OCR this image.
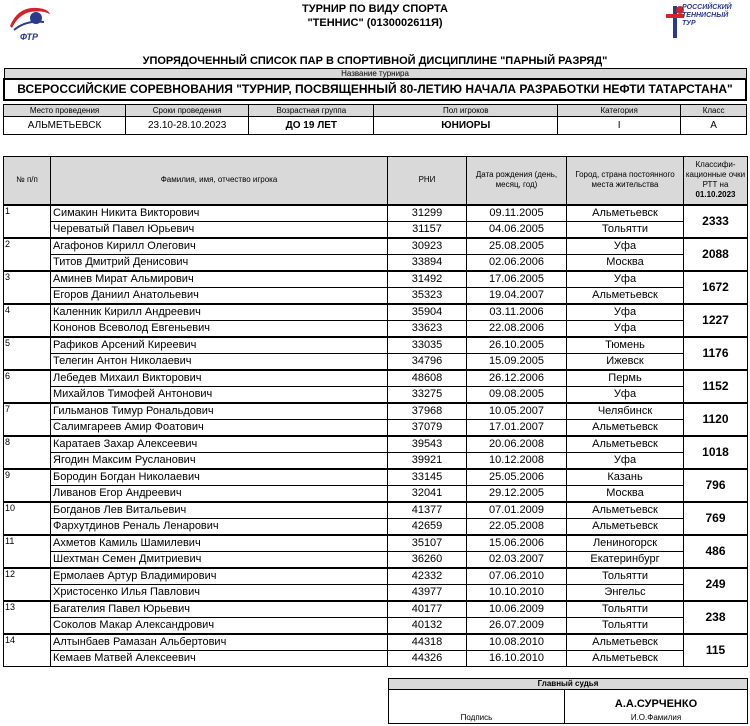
ФТР
РОССИЙСКИЙ ТЕННИСНЫЙ ТУР
ТУРНИР ПО ВИДУ СПОРТА
"ТЕННИС" (0130002611Я)
УПОРЯДОЧЕННЫЙ СПИСОК ПАР В СПОРТИВНОЙ ДИСЦИПЛИНЕ "ПАРНЫЙ РАЗРЯД"
Название турнира
ВСЕРОССИЙСКИЕ СОРЕВНОВАНИЯ "ТУРНИР, ПОСВЯЩЕННЫЙ 80-ЛЕТИЮ НАЧАЛА РАЗРАБОТКИ НЕФТИ ТАТАРСТАНА"
Место проведения	Сроки проведения	Возрастная группа	Пол игроков	Категория	Класс
АЛЬМЕТЬЕВСК	23.10-28.10.2023	ДО 19 ЛЕТ	ЮНИОРЫ	I	A
№ п/п	Фамилия, имя, отчество игрока	РНИ	Дата рождения (день, месяц, год)	Город, страна постоянного места жительства	Классифи-кационные очки РТТ на
01.10.2023

1	Симакин Никита Викторович	31299	09.11.2005	Альметьевск	2333
	Череватый Павел Юрьевич	31157	04.06.2005	Тольятти	
2	Агафонов Кирилл Олегович	30923	25.08.2005	Уфа	2088
	Титов Дмитрий Денисович	33894	02.06.2006	Москва	
3	Аминев Мират Альмирович	31492	17.06.2005	Уфа	1672
	Егоров Даниил Анатольевич	35323	19.04.2007	Альметьевск	
4	Каленник Кирилл Андреевич	35904	03.11.2006	Уфа	1227
	Кононов Всеволод Евгеньевич	33623	22.08.2006	Уфа	
5	Рафиков Арсений Киреевич	33035	26.10.2005	Тюмень	1176
	Телегин Антон Николаевич	34796	15.09.2005	Ижевск	
6	Лебедев Михаил Викторович	48608	26.12.2006	Пермь	1152
	Михайлов Тимофей Антонович	33275	09.08.2005	Уфа	
7	Гильманов Тимур Рональдович	37968	10.05.2007	Челябинск	1120
	Салимгареев Амир Фоатович	37079	17.01.2007	Альметьевск	
8	Каратаев Захар Алексеевич	39543	20.06.2008	Альметьевск	1018
	Ягодин Максим Русланович	39921	10.12.2008	Уфа	
9	Бородин Богдан Николаевич	33145	25.05.2006	Казань	796
	Ливанов Егор Андреевич	32041	29.12.2005	Москва	
10	Богданов Лев Витальевич	41377	07.01.2009	Альметьевск	769
	Фархутдинов Реналь Ленарович	42659	22.05.2008	Альметьевск	
11	Ахметов Камиль Шамилевич	35107	15.06.2006	Лениногорск	486
	Шехтман Семен Дмитриевич	36260	02.03.2007	Екатеринбург	
12	Ермолаев Артур Владимирович	42332	07.06.2010	Тольятти	249
	Христосенко Илья Павлович	43977	10.10.2010	Энгельс	
13	Багателия Павел Юрьевич	40177	10.06.2009	Тольятти	238
	Соколов Макар Александрович	40132	26.07.2009	Тольятти	
14	Алтынбаев Рамазан Альбертович	44318	10.08.2010	Альметьевск	115
	Кемаев Матвей Алексеевич	44326	16.10.2010	Альметьевск	
Главный судья

Подпись

А.А.СУРЧЕНКО
И.О.Фамилия
